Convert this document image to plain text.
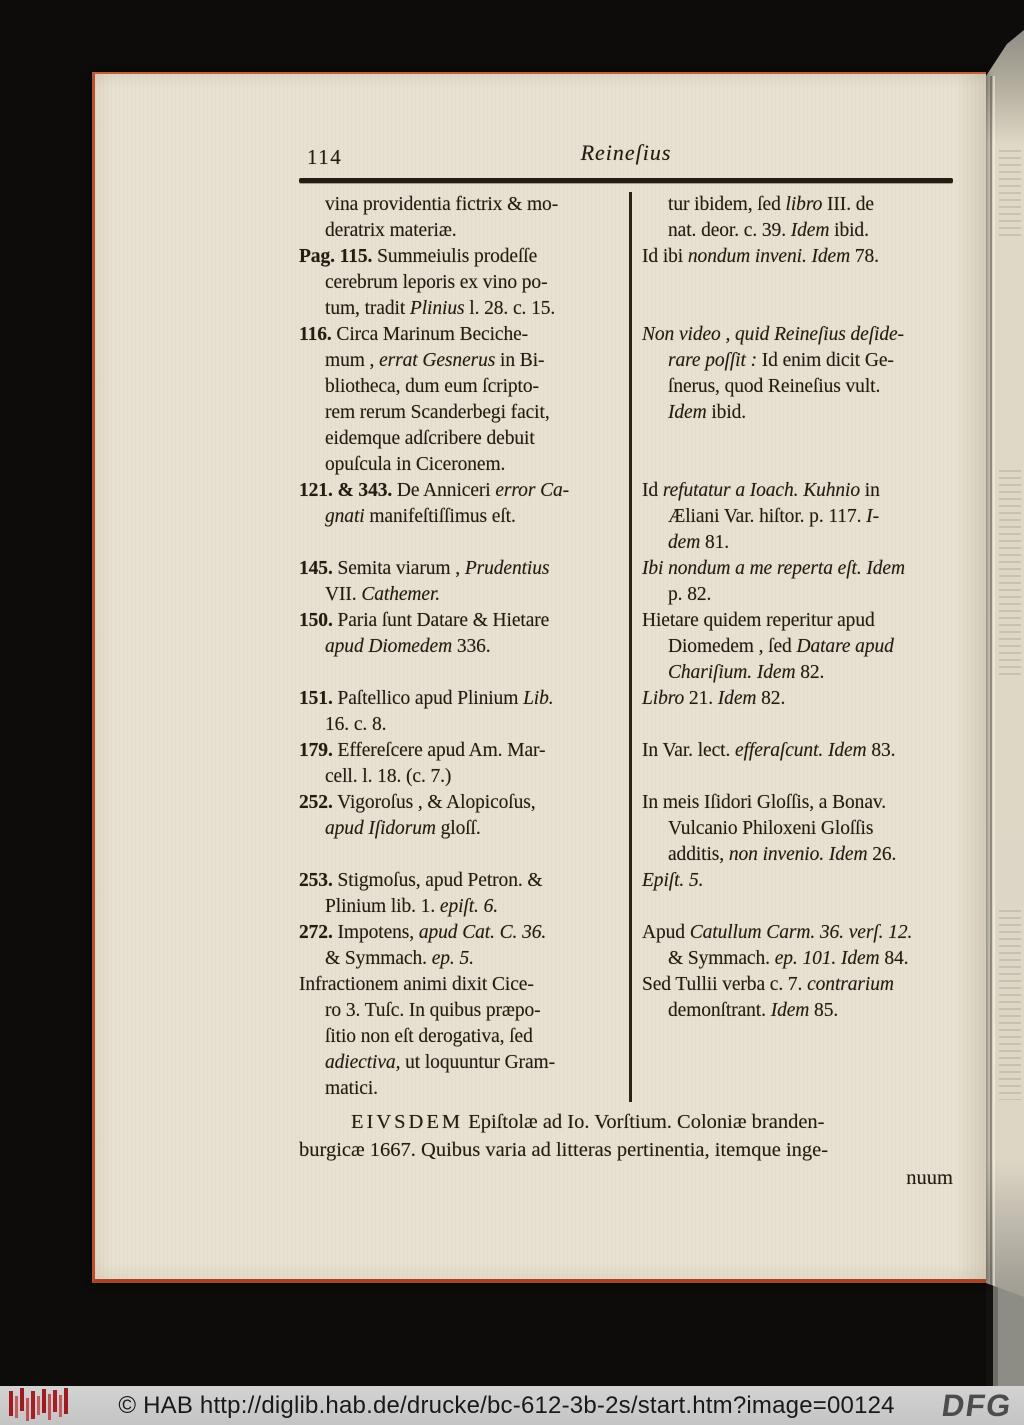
114	Reineſius
vina providentia fictrix & mo-
deratrix materiæ.
tur ibidem, ſed libro III. de
nat. deor. c. 39. Idem ibid.
Pag. 115. Summeiulis prodeſſe
cerebrum leporis ex vino po-
tum, tradit Plinius l. 28. c. 15.
Id ibi nondum inveni. Idem 78.
116. Circa Marinum Beciche-
mum , errat Gesnerus in Bi-
bliotheca, dum eum ſcripto-
rem rerum Scanderbegi facit,
eidemque adſcribere debuit
opuſcula in Ciceronem.
Non video , quid Reineſius deſide-
rare poſſit : Id enim dicit Ge-
ſnerus, quod Reineſius vult.
Idem ibid.
121. & 343. De Anniceri error Ca-
gnati manifeſtiſſimus eſt.
Id refutatur a Ioach. Kuhnio in
Æliani Var. hiſtor. p. 117. I-
dem 81.
145. Semita viarum , Prudentius
VII. Cathemer.
Ibi nondum a me reperta eſt. Idem
p. 82.
150. Paria ſunt Datare & Hietare
apud Diomedem 336.
Hietare quidem reperitur apud
Diomedem , ſed Datare apud
Chariſium. Idem 82.
151. Paſtellico apud Plinium Lib.
16. c. 8.
Libro 21. Idem 82.
179. Effereſcere apud Am. Mar-
cell. l. 18. (c. 7.)
In Var. lect. efferaſcunt. Idem 83.
252. Vigoroſus , & Alopicoſus,
apud Iſidorum gloſſ.
In meis Iſidori Gloſſis, a Bonav.
Vulcanio Philoxeni Gloſſis
additis, non invenio. Idem 26.
253. Stigmoſus, apud Petron. &
Plinium lib. 1. epiſt. 6.
Epiſt. 5.
272. Impotens, apud Cat. C. 36.
& Symmach. ep. 5.
Apud Catullum Carm. 36. verſ. 12.
& Symmach. ep. 101. Idem 84.
Infractionem animi dixit Cice-
ro 3. Tuſc. In quibus præpo-
ſitio non eſt derogativa, ſed
adiectiva, ut loquuntur Gram-
matici.
Sed Tullii verba c. 7. contrarium
demonſtrant. Idem 85.
EIVSDEM Epiſtolæ ad Io. Vorſtium. Coloniæ branden-
burgicæ 1667. Quibus varia ad litteras pertinentia, itemque inge-
nuum
© HAB http://diglib.hab.de/drucke/bc-612-3b-2s/start.htm?image=00124	DFG
